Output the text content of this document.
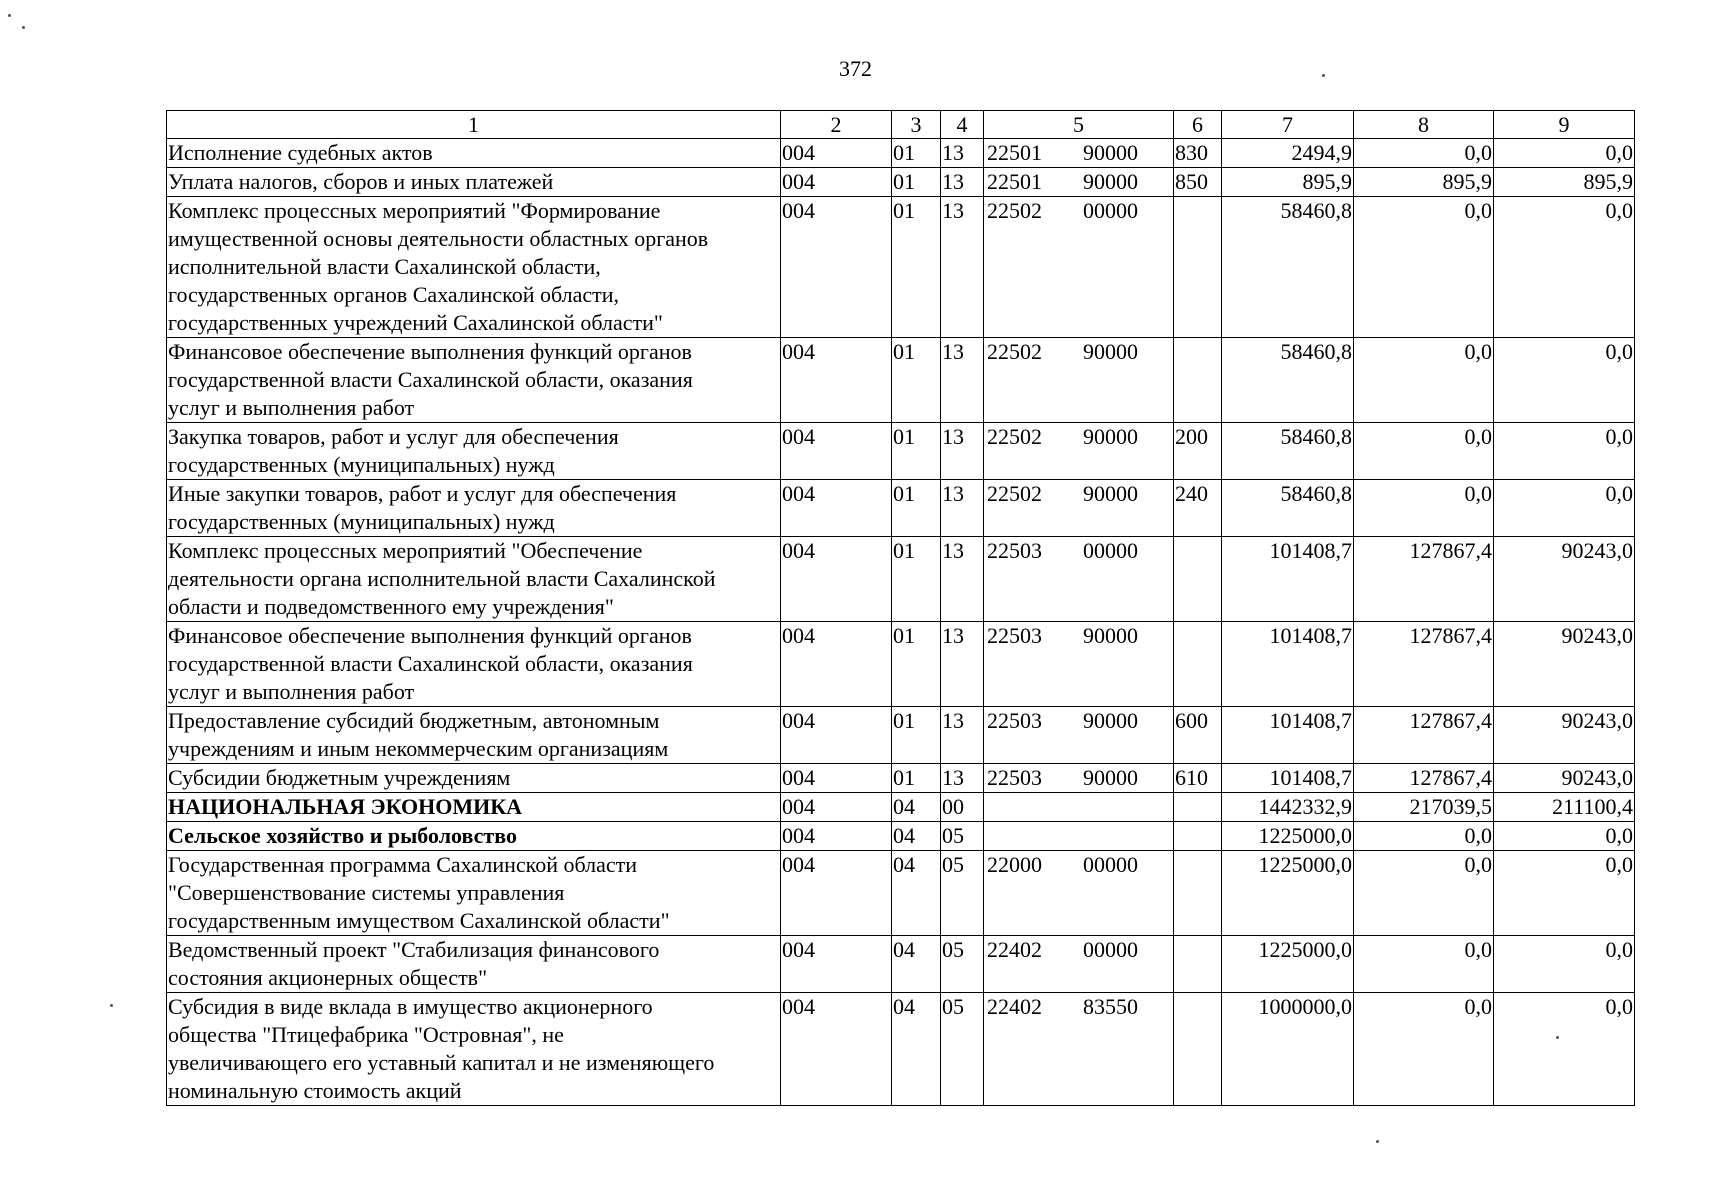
372
1	2	3	4	5	6	7	8	9
Исполнение судебных актов	004	01	13	22501 90000	830	2494,9	0,0	0,0
Уплата налогов, сборов и иных платежей	004	01	13	22501 90000	850	895,9	895,9	895,9
Комплекс процессных мероприятий "Формирование
имущественной основы деятельности областных органов
исполнительной власти Сахалинской области,
государственных органов Сахалинской области,
государственных учреждений Сахалинской области"	004	01	13	22502 00000		58460,8	0,0	0,0
Финансовое обеспечение выполнения функций органов
государственной власти Сахалинской области, оказания
услуг и выполнения работ	004	01	13	22502 90000		58460,8	0,0	0,0
Закупка товаров, работ и услуг для обеспечения
государственных (муниципальных) нужд	004	01	13	22502 90000	200	58460,8	0,0	0,0
Иные закупки товаров, работ и услуг для обеспечения
государственных (муниципальных) нужд	004	01	13	22502 90000	240	58460,8	0,0	0,0
Комплекс процессных мероприятий "Обеспечение
деятельности органа исполнительной власти Сахалинской
области и подведомственного ему учреждения"	004	01	13	22503 00000		101408,7	127867,4	90243,0
Финансовое обеспечение выполнения функций органов
государственной власти Сахалинской области, оказания
услуг и выполнения работ	004	01	13	22503 90000		101408,7	127867,4	90243,0
Предоставление субсидий бюджетным, автономным
учреждениям и иным некоммерческим организациям	004	01	13	22503 90000	600	101408,7	127867,4	90243,0
Субсидии бюджетным учреждениям	004	01	13	22503 90000	610	101408,7	127867,4	90243,0
НАЦИОНАЛЬНАЯ ЭКОНОМИКА	004	04	00			1442332,9	217039,5	211100,4
Сельское хозяйство и рыболовство	004	04	05			1225000,0	0,0	0,0
Государственная программа Сахалинской области
"Совершенствование системы управления
государственным имуществом Сахалинской области"	004	04	05	22000 00000		1225000,0	0,0	0,0
Ведомственный проект "Стабилизация финансового
состояния акционерных обществ"	004	04	05	22402 00000		1225000,0	0,0	0,0
Субсидия в виде вклада в имущество акционерного
общества "Птицефабрика "Островная", не
увеличивающего его уставный капитал и не изменяющего
номинальную стоимость акций	004	04	05	22402 83550		1000000,0	0,0	0,0
